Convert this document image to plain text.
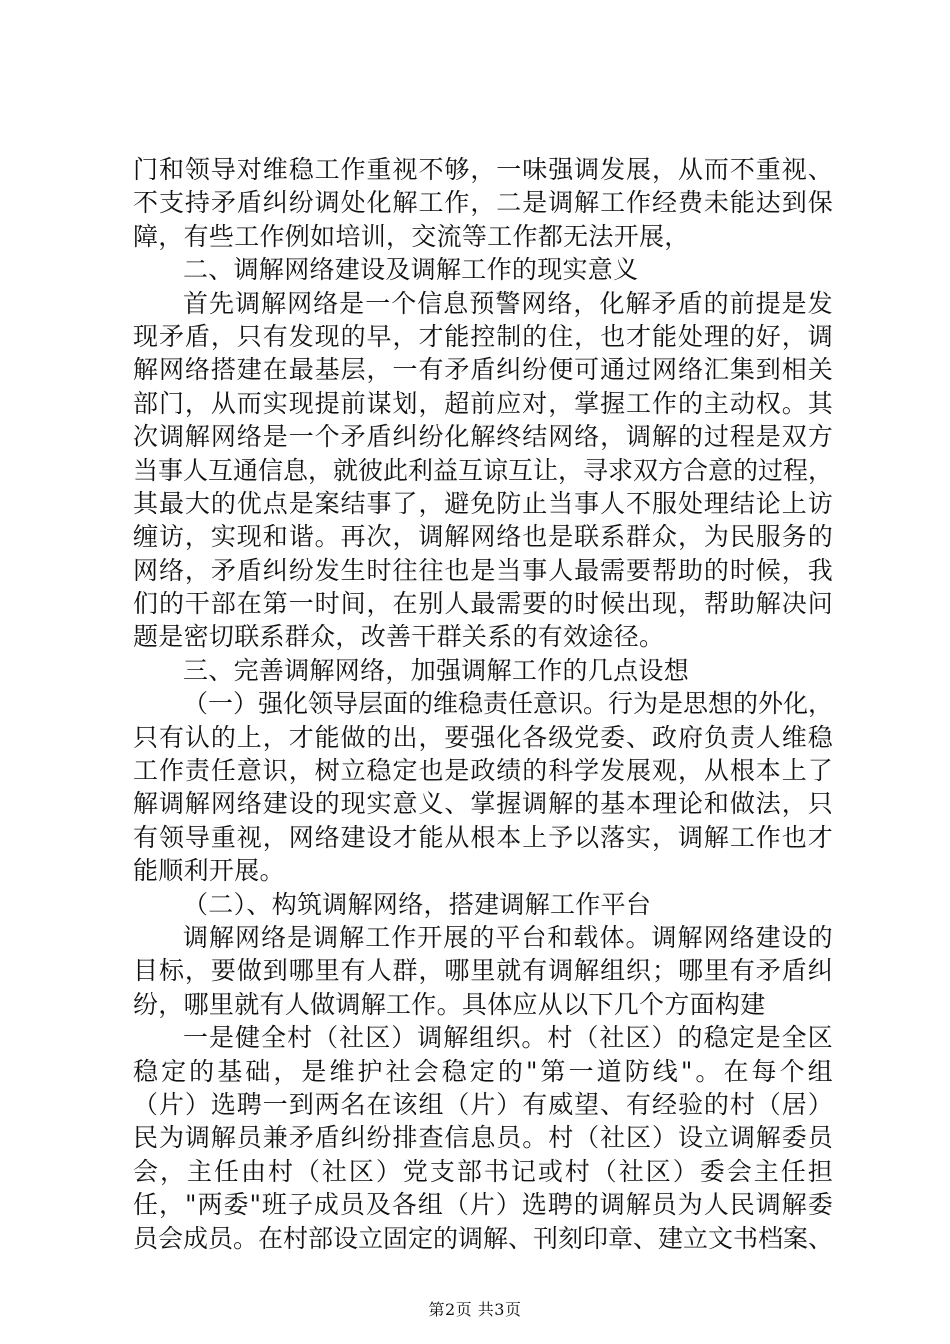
门和领导对维稳工作重视不够，一味强调发展，从而不重视、
不支持矛盾纠纷调处化解工作，二是调解工作经费未能达到保
障，有些工作例如培训，交流等工作都无法开展，
二、调解网络建设及调解工作的现实意义
首先调解网络是一个信息预警网络，化解矛盾的前提是发
现矛盾，只有发现的早，才能控制的住，也才能处理的好，调
解网络搭建在最基层，一有矛盾纠纷便可通过网络汇集到相关
部门，从而实现提前谋划，超前应对，掌握工作的主动权。其
次调解网络是一个矛盾纠纷化解终结网络，调解的过程是双方
当事人互通信息，就彼此利益互谅互让，寻求双方合意的过程，
其最大的优点是案结事了，避免防止当事人不服处理结论上访
缠访，实现和谐。再次，调解网络也是联系群众，为民服务的
网络，矛盾纠纷发生时往往也是当事人最需要帮助的时候，我
们的干部在第一时间，在别人最需要的时候出现，帮助解决问
题是密切联系群众，改善干群关系的有效途径。
三、完善调解网络，加强调解工作的几点设想
（一）强化领导层面的维稳责任意识。行为是思想的外化，
只有认的上，才能做的出，要强化各级党委、政府负责人维稳
工作责任意识，树立稳定也是政绩的科学发展观，从根本上了
解调解网络建设的现实意义、掌握调解的基本理论和做法，只
有领导重视，网络建设才能从根本上予以落实，调解工作也才
能顺利开展。
（二）、构筑调解网络，搭建调解工作平台
调解网络是调解工作开展的平台和载体。调解网络建设的
目标，要做到哪里有人群，哪里就有调解组织；哪里有矛盾纠
纷，哪里就有人做调解工作。具体应从以下几个方面构建
一是健全村（社区）调解组织。村（社区）的稳定是全区
稳定的基础，是维护社会稳定的"第一道防线"。在每个组
（片）选聘一到两名在该组（片）有威望、有经验的村（居）
民为调解员兼矛盾纠纷排查信息员。村（社区）设立调解委员
会，主任由村（社区）党支部书记或村（社区）委会主任担
任，"两委"班子成员及各组（片）选聘的调解员为人民调解委
员会成员。在村部设立固定的调解、刊刻印章、建立文书档案、
第2页 共3页
